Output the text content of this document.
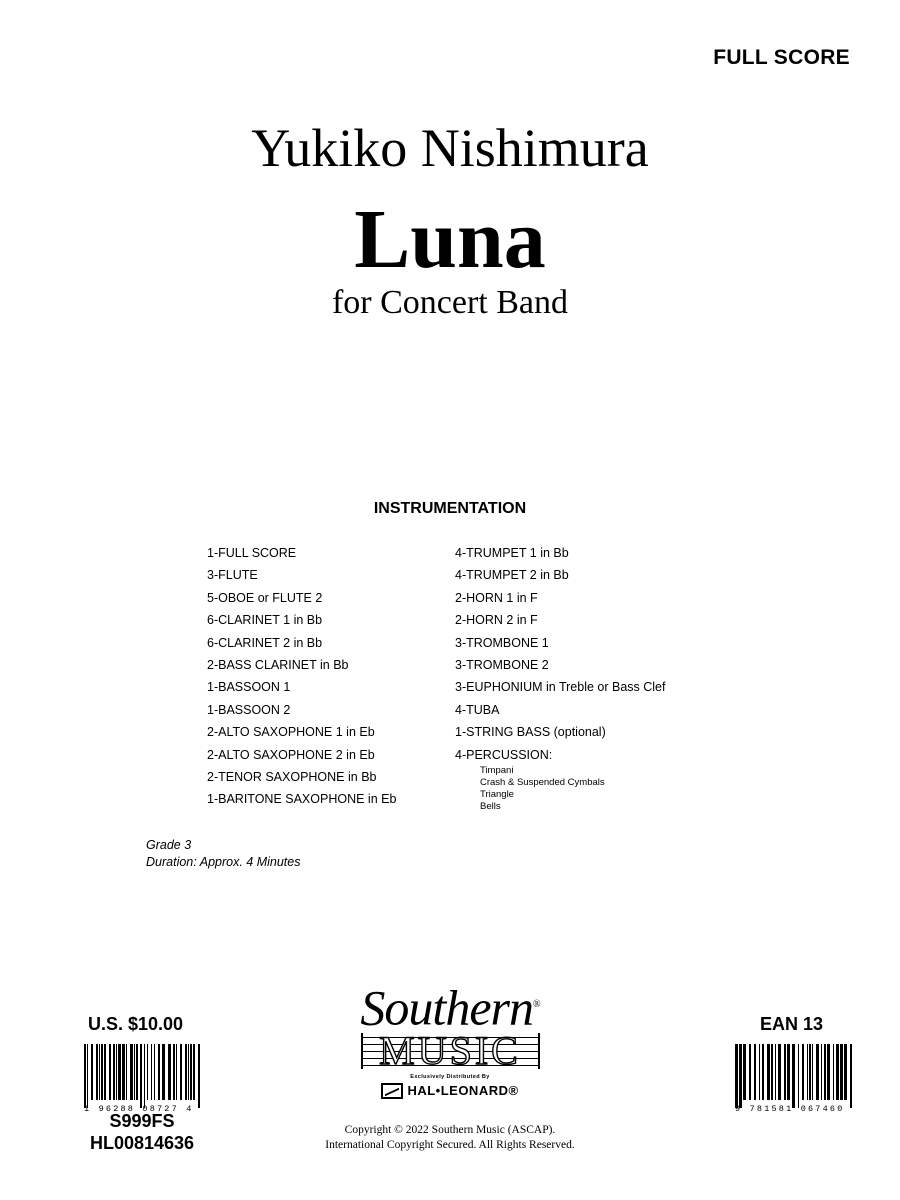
FULL SCORE
Yukiko Nishimura
Luna
for Concert Band
INSTRUMENTATION
1-FULL SCORE
3-FLUTE
5-OBOE or FLUTE 2
6-CLARINET 1 in Bb
6-CLARINET 2 in Bb
2-BASS CLARINET in Bb
1-BASSOON 1
1-BASSOON 2
2-ALTO SAXOPHONE 1 in Eb
2-ALTO SAXOPHONE 2 in Eb
2-TENOR SAXOPHONE in Bb
1-BARITONE SAXOPHONE in Eb
4-TRUMPET 1 in Bb
4-TRUMPET 2 in Bb
2-HORN 1 in F
2-HORN 2 in F
3-TROMBONE 1
3-TROMBONE 2
3-EUPHONIUM in Treble or Bass Clef
4-TUBA
1-STRING BASS (optional)
4-PERCUSSION:
Timpani
Crash & Suspended Cymbals
Triangle
Bells
Grade 3
Duration: Approx. 4 Minutes
U.S. $10.00
1 96288 08727 4
S999FS
HL00814636
Southern®
MUSIC
Exclusively Distributed By
HAL•LEONARD®
EAN 13
9 781581 067460
Copyright © 2022 Southern Music (ASCAP).
International Copyright Secured. All Rights Reserved.
